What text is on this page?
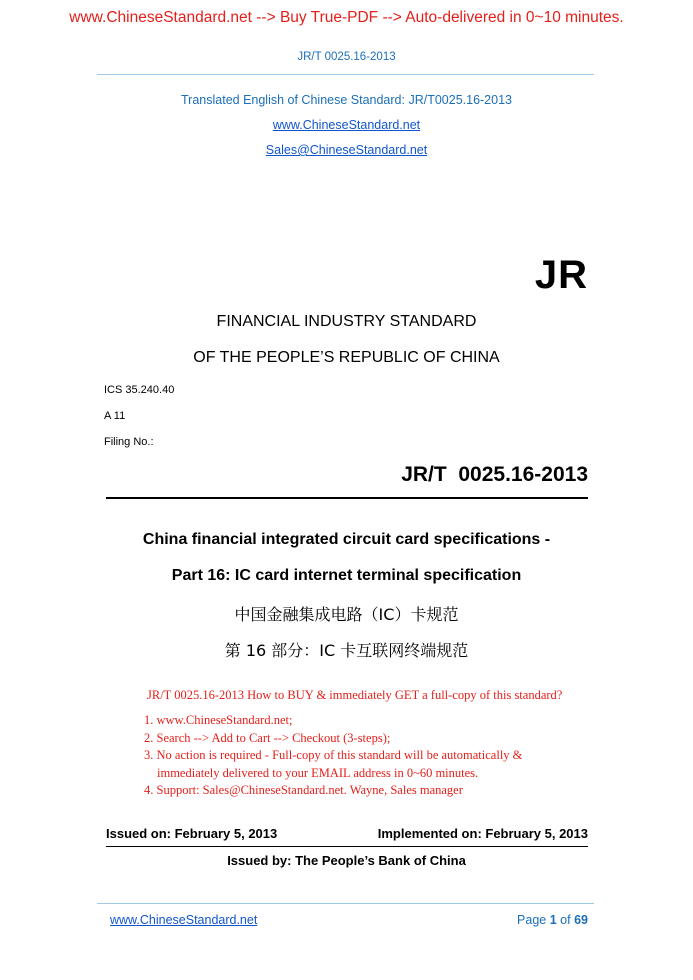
www.ChineseStandard.net --> Buy True-PDF --> Auto-delivered in 0~10 minutes.
JR/T 0025.16-2013
Translated English of Chinese Standard: JR/T0025.16-2013
www.ChineseStandard.net
Sales@ChineseStandard.net
JR
FINANCIAL INDUSTRY STANDARD
OF THE PEOPLE’S REPUBLIC OF CHINA
ICS 35.240.40
A 11
Filing No.:
JR/T  0025.16-2013
China financial integrated circuit card specifications -
Part 16: IC card internet terminal specification
中国金融集成电路（IC）卡规范
第 16 部分：IC 卡互联网终端规范
JR/T 0025.16-2013 How to BUY & immediately GET a full-copy of this standard?
1. www.ChineseStandard.net;
2. Search --> Add to Cart --> Checkout (3-steps);
3. No action is required - Full-copy of this standard will be automatically &
immediately delivered to your EMAIL address in 0~60 minutes.
4. Support: Sales@ChineseStandard.net. Wayne, Sales manager
Issued on: February 5, 2013	Implemented on: February 5, 2013
Issued by: The People’s Bank of China
www.ChineseStandard.net	Page 1 of 69
